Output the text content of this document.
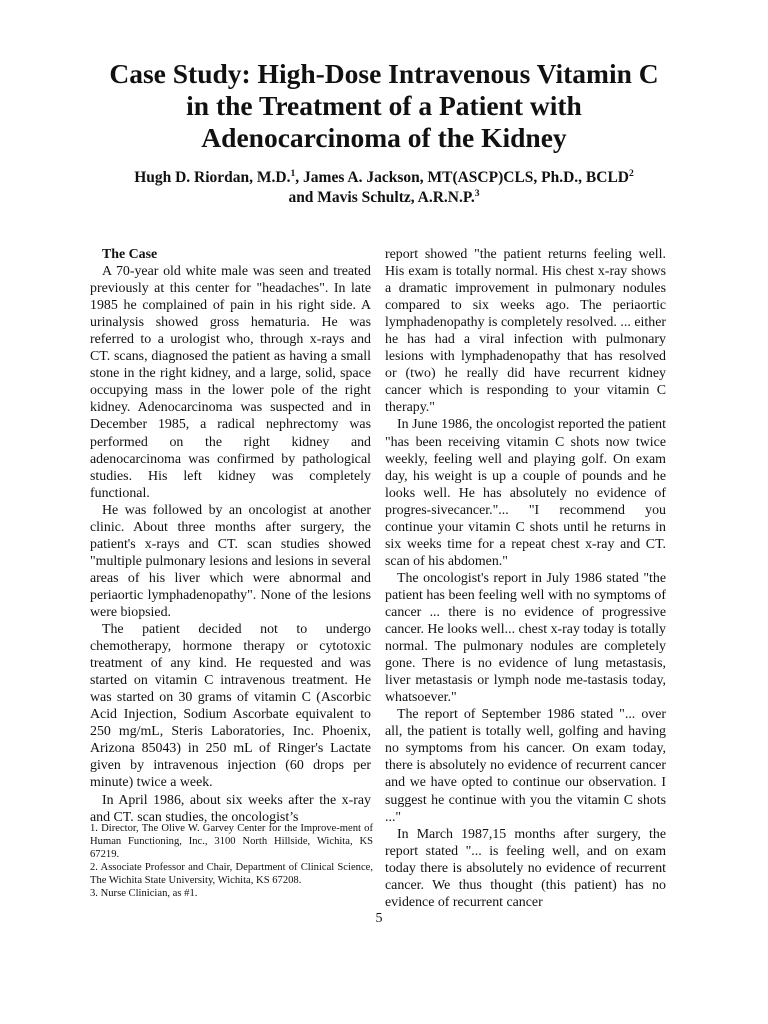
Case Study: High-Dose Intravenous Vitamin C
in the Treatment of a Patient with
Adenocarcinoma of the Kidney
Hugh D. Riordan, M.D.$^1$, James A. Jackson, MT(ASCP)CLS, Ph.D., BCLD$^2$
and Mavis Schultz, A.R.N.P.$^3$

The Case

A 70-year old white male was seen and treated previously at this center for "headaches". In late 1985 he complained of pain in his right side. A urinalysis showed gross hematuria. He was referred to a urologist who, through x-rays and CT. scans, diagnosed the patient as having a small stone in the right kidney, and a large, solid, space occupying mass in the lower pole of the right kidney. Adenocarcinoma was suspected and in December 1985, a radical nephrectomy was performed on the right kidney and adenocarcinoma was confirmed by pathological studies. His left kidney was completely functional.

He was followed by an oncologist at another clinic. About three months after surgery, the patient's x-rays and CT. scan studies showed "multiple pulmonary lesions and lesions in several areas of his liver which were abnormal and periaortic lymphadenopathy". None of the lesions were biopsied.

The patient decided not to undergo chemotherapy, hormone therapy or cytotoxic treatment of any kind. He requested and was started on vitamin C intravenous treatment. He was started on 30 grams of vitamin C (Ascorbic Acid Injection, Sodium Ascorbate equivalent to 250 mg/mL, Steris Laboratories, Inc. Phoenix, Arizona 85043) in 250 mL of Ringer's Lactate given by intravenous injection (60 drops per minute) twice a week.

In April 1986, about six weeks after the x-ray and CT. scan studies, the oncologist’s

report showed "the patient returns feeling well. His exam is totally normal. His chest x-ray shows a dramatic improvement in pulmonary nodules compared to six weeks ago. The periaortic lymphadenopathy is completely resolved. ... either he has had a viral infection with pulmonary lesions with lymphadenopathy that has resolved or (two) he really did have recurrent kidney cancer which is responding to your vitamin C therapy."

In June 1986, the oncologist reported the patient "has been receiving vitamin C shots now twice weekly, feeling well and playing golf. On exam day, his weight is up a couple of pounds and he looks well. He has absolutely no evidence of progres-sivecancer."... "I recommend you continue your vitamin C shots until he returns in six weeks time for a repeat chest x-ray and CT. scan of his abdomen."

The oncologist's report in July 1986 stated "the patient has been feeling well with no symptoms of cancer ... there is no evidence of progressive cancer. He looks well... chest x-ray today is totally normal. The pulmonary nodules are completely gone. There is no evidence of lung metastasis, liver metastasis or lymph node me-tastasis today, whatsoever."

The report of September 1986 stated "... over all, the patient is totally well, golfing and having no symptoms from his cancer. On exam today, there is absolutely no evidence of recurrent cancer and we have opted to continue our observation. I suggest he continue with you the vitamin C shots ..."

In March 1987,15 months after surgery, the report stated "... is feeling well, and on exam today there is absolutely no evidence of recurrent cancer. We thus thought (this patient) has no evidence of recurrent cancer

1. Director, The Olive W. Garvey Center for the Improve-ment of Human Functioning, Inc., 3100 North Hillside, Wichita, KS 67219.
2. Associate Professor and Chair, Department of Clinical Science, The Wichita State University, Wichita, KS 67208.
3. Nurse Clinician, as #1.
5
